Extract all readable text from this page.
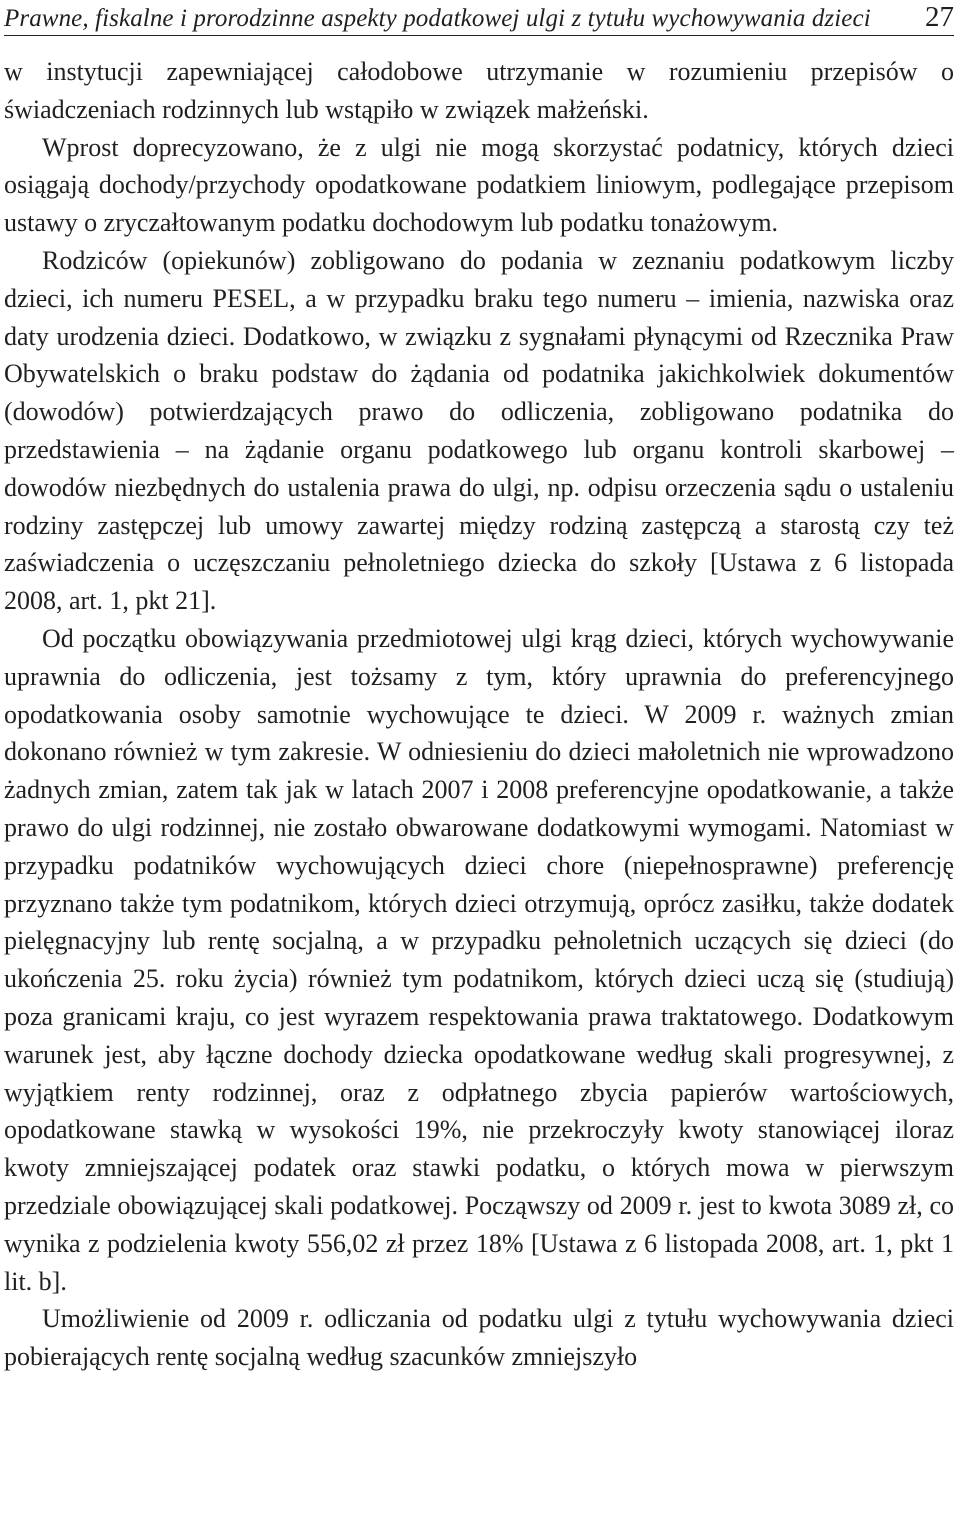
Prawne, fiskalne i prorodzinne aspekty podatkowej ulgi z tytułu wychowywania dzieci 27

w instytucji zapewniającej całodobowe utrzymanie w rozumieniu przepisów o świadczeniach rodzinnych lub wstąpiło w związek małżeński.

Wprost doprecyzowano, że z ulgi nie mogą skorzystać podatnicy, których dzieci osiągają dochody/przychody opodatkowane podatkiem liniowym, podlegające przepisom ustawy o zryczałtowanym podatku dochodowym lub podatku tonażowym.

Rodziców (opiekunów) zobligowano do podania w zeznaniu podatkowym liczby dzieci, ich numeru PESEL, a w przypadku braku tego numeru – imienia, nazwiska oraz daty urodzenia dzieci. Dodatkowo, w związku z sygnałami płynącymi od Rzecznika Praw Obywatelskich o braku podstaw do żądania od podatnika jakichkolwiek dokumentów (dowodów) potwierdzających prawo do odliczenia, zobligowano podatnika do przedstawienia – na żądanie organu podatkowego lub organu kontroli skarbowej – dowodów niezbędnych do ustalenia prawa do ulgi, np. odpisu orzeczenia sądu o ustaleniu rodziny zastępczej lub umowy zawartej między rodziną zastępczą a starostą czy też zaświadczenia o uczęszczaniu pełnoletniego dziecka do szkoły [Ustawa z 6 listopada 2008, art. 1, pkt 21].

Od początku obowiązywania przedmiotowej ulgi krąg dzieci, których wychowywanie uprawnia do odliczenia, jest tożsamy z tym, który uprawnia do preferencyjnego opodatkowania osoby samotnie wychowujące te dzieci. W 2009 r. ważnych zmian dokonano również w tym zakresie. W odniesieniu do dzieci małoletnich nie wprowadzono żadnych zmian, zatem tak jak w latach 2007 i 2008 preferencyjne opodatkowanie, a także prawo do ulgi rodzinnej, nie zostało obwarowane dodatkowymi wymogami. Natomiast w przypadku podatników wychowujących dzieci chore (niepełnosprawne) preferencję przyznano także tym podatnikom, których dzieci otrzymują, oprócz zasiłku, także dodatek pielęgnacyjny lub rentę socjalną, a w przypadku pełnoletnich uczących się dzieci (do ukończenia 25. roku życia) również tym podatnikom, których dzieci uczą się (studiują) poza granicami kraju, co jest wyrazem respektowania prawa traktatowego. Dodatkowym warunek jest, aby łączne dochody dziecka opodatkowane według skali progresywnej, z wyjątkiem renty rodzinnej, oraz z odpłatnego zbycia papierów wartościowych, opodatkowane stawką w wysokości 19%, nie przekroczyły kwoty stanowiącej iloraz kwoty zmniejszającej podatek oraz stawki podatku, o których mowa w pierwszym przedziale obowiązującej skali podatkowej. Począwszy od 2009 r. jest to kwota 3089 zł, co wynika z podzielenia kwoty 556,02 zł przez 18% [Ustawa z 6 listopada 2008, art. 1, pkt 1 lit. b].

Umożliwienie od 2009 r. odliczania od podatku ulgi z tytułu wychowywania dzieci pobierających rentę socjalną według szacunków zmniejszyło
